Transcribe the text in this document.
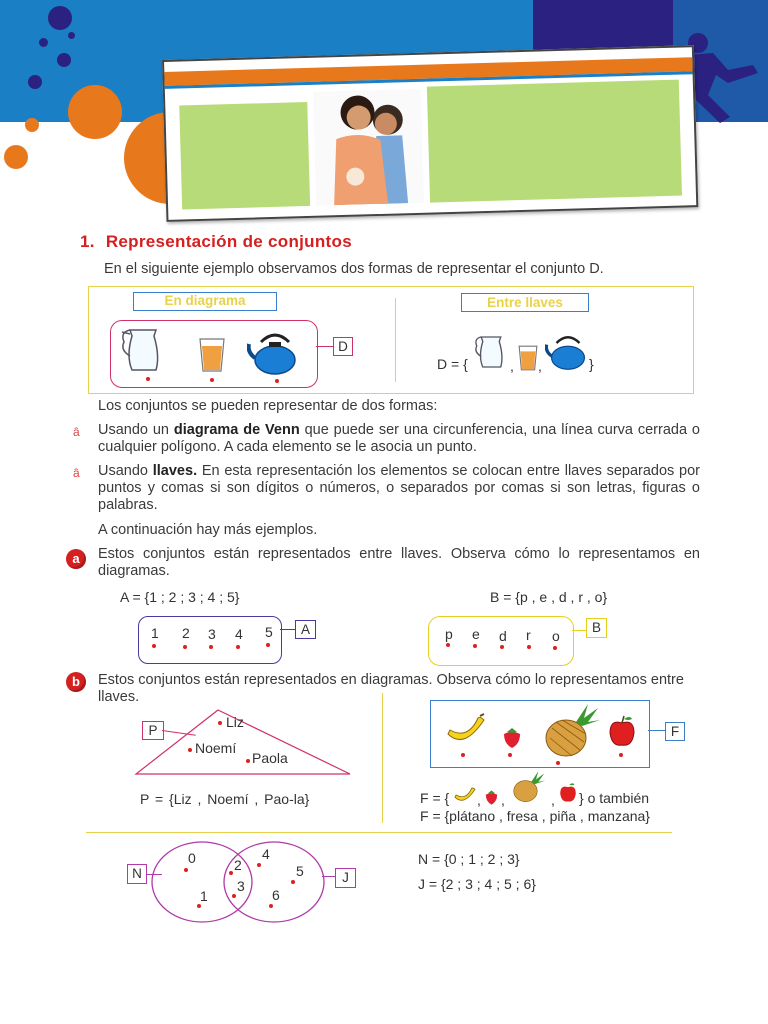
1. Representación de conjuntos
En el siguiente ejemplo observamos dos formas de representar el conjunto D.
En diagrama	Entre llaves
D
D = {	, ,	}
Los conjuntos se pueden representar de dos formas:
â Usando un diagrama de Venn que puede ser una circunferencia, una línea curva cerrada o cualquier polígono. A cada elemento se le asocia un punto.
â Usando llaves. En esta representación los elementos se colocan entre llaves separados por puntos y comas si son dígitos o números, o separados por comas si son letras, figuras o palabras.
A continuación hay más ejemplos.
a	Estos conjuntos están representados entre llaves. Observa cómo lo representamos en diagramas.
A = {1 ; 2 ; 3 ; 4 ; 5}	B = {p , e , d , r , o}
A
1 2 3 4 5	B
p e d r o
b	Estos conjuntos están representados en diagramas. Observa cómo lo representamos entre llaves.
P
Liz
Noemí
Paola
P = {Liz , Noemí , Pao-la}
F
F = { , ,	, } o también
F = {plátano , fresa , piña , manzana}
N	J
0
1
2
3
4
5
6
N = {0 ; 1 ; 2 ; 3}
J = {2 ; 3 ; 4 ; 5 ; 6}
